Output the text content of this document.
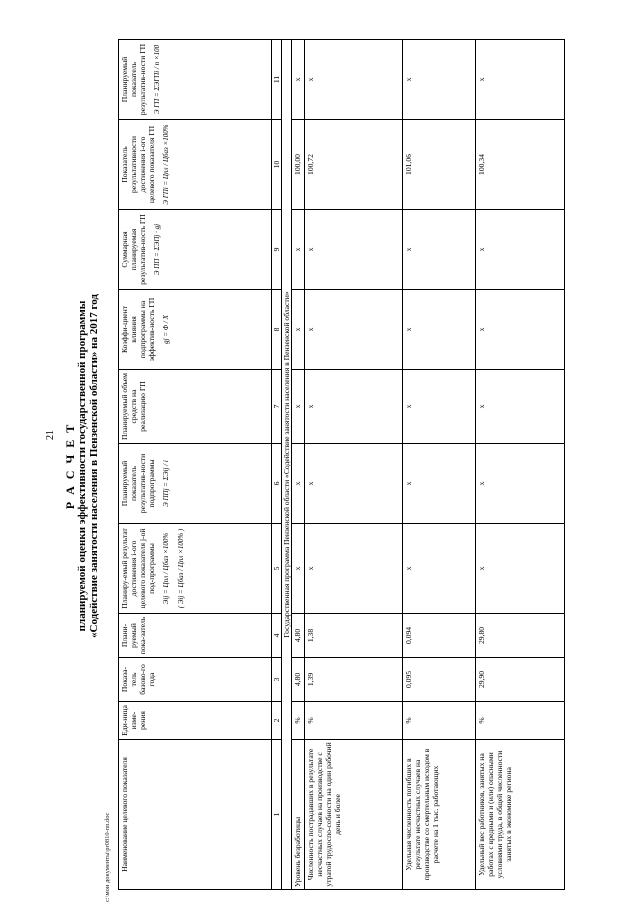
21
c:\мои документы\pr0810-nn.doc
Р А С Ч Е Т планируемой оценки эффективности государственной программы «Содействие занятости населения в Пензенской области» на 2017 год
Наименование целевого показателя	Еди-ница изме-рения	Показа-тель базово-го года	Плани-руемый пока-затель	Планиру-емый результат достижения i-ого целевого показателя j-ой под-программы Эij = Цпл / Цбаз ×100% ( Эij = Цбаз / Цпл ×100% )	Планируемый показатель результатив-ности подпрограммы Э ППj = ΣЭij / i	Планируемый объем средств на реализацию ГП	Коэффи-циент влияния подпрограммы на эффектив-ность ГП gj = Φ / X	Суммарная планируемая результатив-ность ГП Э ПП = ΣЭПj · gj	Показатель результативности достижения i-ого целевого показателя ГП Э ГПi = Цпл / Цбаз ×100%	Планируемый показатель результатив-ности ГП Э ГП = ΣЭГПi / n ×100

1	2	3	4	5	6	7	8	9	10	11
Государственная программа Пензенской области «Содействие занятости населения в Пензенской области»										
Уровень безработицы	%	4,80	4,80	х	х	х	х	х	100,00	х
Численность пострадавших в результате несчастных случаев на производстве с утратой трудоспо-собности на один рабочий день и более	%	1,39	1,38	х	х	х	х	х	100,72	х
Удельная численность погибших в результате несчастных случаев на производстве со смертельным исходом в расчете на 1 тыс. работающих	%	0,095	0,094	х	х	х	х	х	101,06	х
Удельный вес работников, занятых на работах с вредными и (или) опасными условиями труда, в общей численности занятых в экономике региона	%	29,90	29,80	х	х	х	х	х	100,34	х
